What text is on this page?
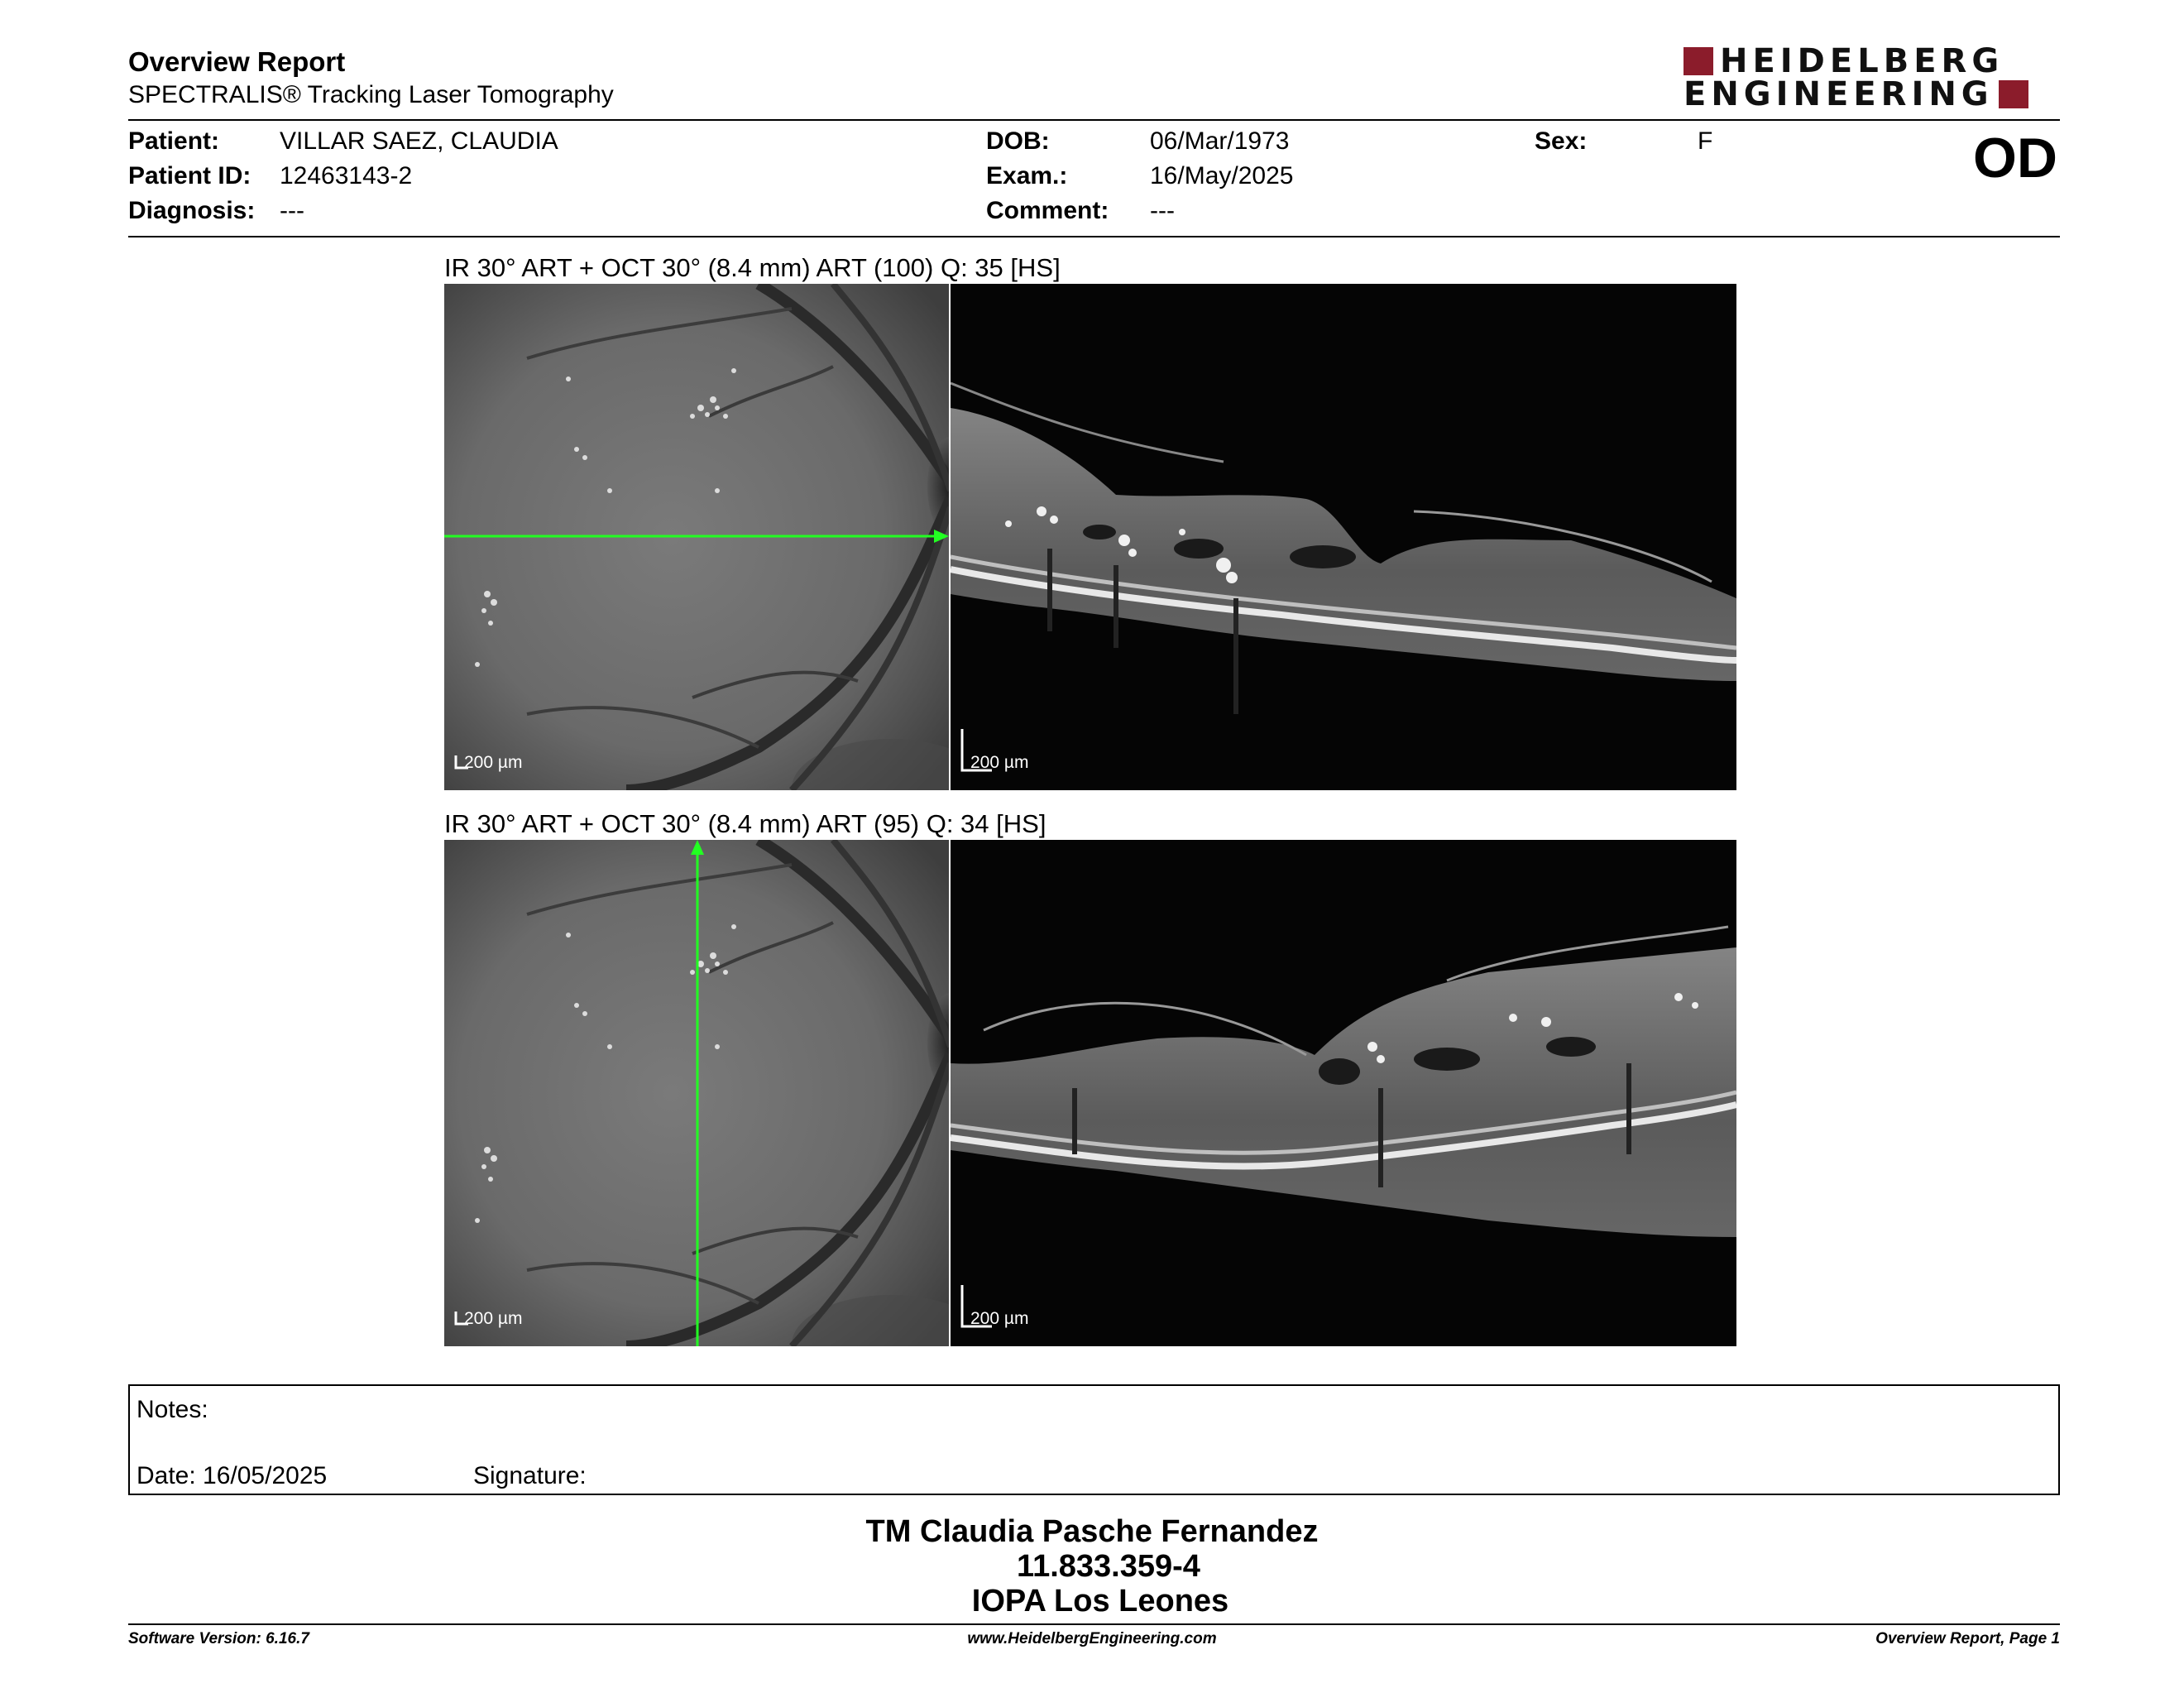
Overview Report
SPECTRALIS® Tracking Laser Tomography
HEIDELBERG
ENGINEERING
Patient: VILLAR SAEZ, CLAUDIA
Patient ID: 12463143-2
Diagnosis: ---
DOB:	06/Mar/1973
Exam.:	16/May/2025
Comment: ---
Sex:	F	OD
IR 30° ART + OCT 30° (8.4 mm) ART (100) Q: 35 [HS]
200 µm	200 µm
IR 30° ART + OCT 30° (8.4 mm) ART (95) Q: 34 [HS]
200 µm	200 µm
Notes:
Date: 16/05/2025	Signature:
TM Claudia Pasche Fernandez
11.833.359-4
IOPA Los Leones
Software Version: 6.16.7	www.HeidelbergEngineering.com	Overview Report, Page 1
